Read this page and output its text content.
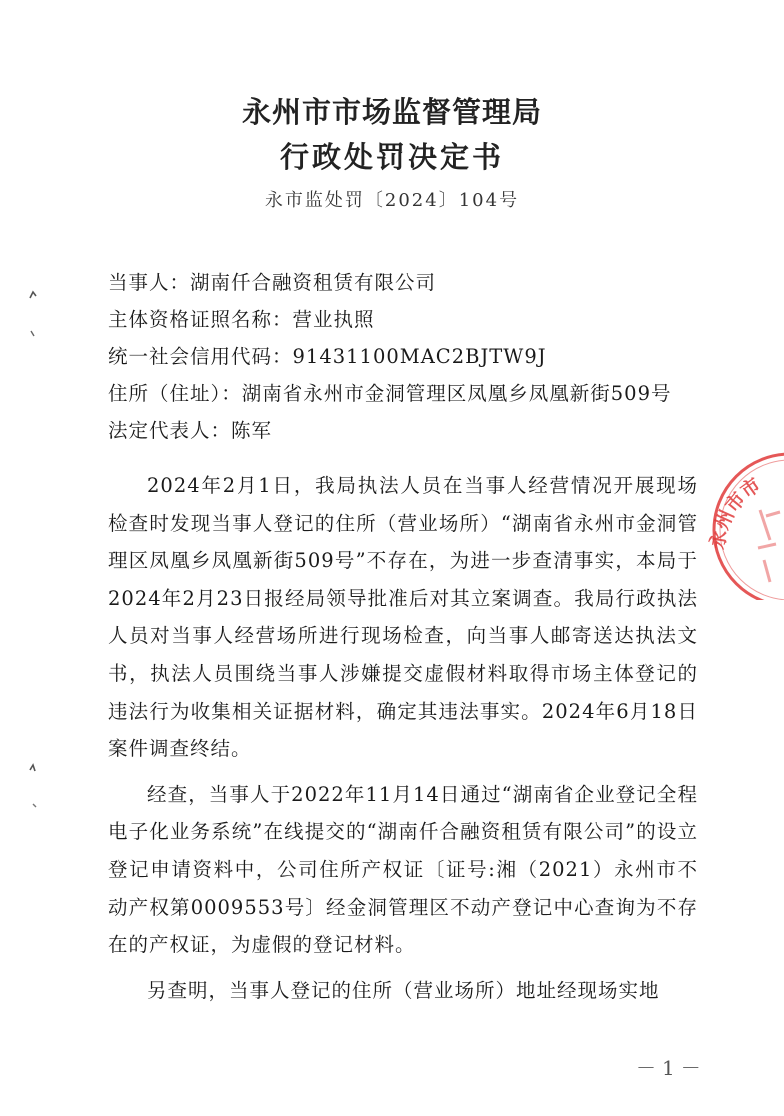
永州市市场监督管理局
行政处罚决定书
永市监处罚〔2024〕104号
当事人：湖南仟合融资租赁有限公司
主体资格证照名称：营业执照
统一社会信用代码：91431100MAC2BJTW9J
住所（住址）：湖南省永州市金洞管理区凤凰乡凤凰新街509号
法定代表人：陈军

2024年2月1日，我局执法人员在当事人经营情况开展现场检查时发现当事人登记的住所（营业场所）“湖南省永州市金洞管理区凤凰乡凤凰新街509号”不存在，为进一步查清事实，本局于2024年2月23日报经局领导批准后对其立案调查。我局行政执法人员对当事人经营场所进行现场检查，向当事人邮寄送达执法文书，执法人员围绕当事人涉嫌提交虚假材料取得市场主体登记的违法行为收集相关证据材料，确定其违法事实。2024年6月18日案件调查终结。

经查，当事人于2022年11月14日通过“湖南省企业登记全程电子化业务系统”在线提交的“湖南仟合融资租赁有限公司”的设立登记申请资料中，公司住所产权证〔证号:湘（2021）永州市不动产权第0009553号〕经金洞管理区不动产登记中心查询为不存在的产权证，为虚假的登记材料。

另查明，当事人登记的住所（营业场所）地址经现场实地

永州市市
－1－
